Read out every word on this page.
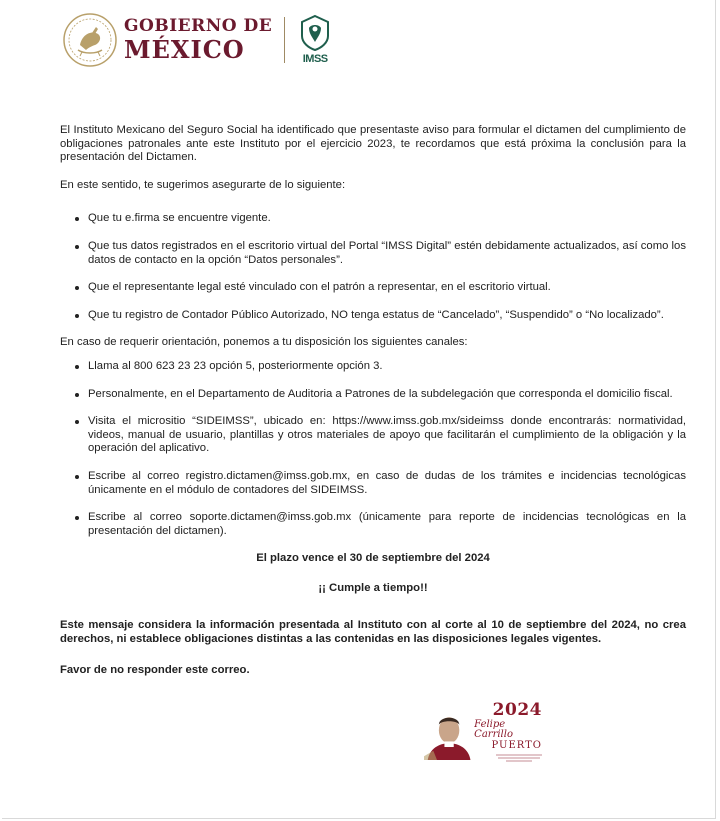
GOBIERNO DE
MÉXICO	IMSS

El Instituto Mexicano del Seguro Social ha identificado que presentaste aviso para formular el dictamen del cumplimiento de obligaciones patronales ante este Instituto por el ejercicio 2023, te recordamos que está próxima la conclusión para la presentación del Dictamen.

En este sentido, te sugerimos asegurarte de lo siguiente:

Que tu e.firma se encuentre vigente.
Que tus datos registrados en el escritorio virtual del Portal “IMSS Digital” estén debidamente actualizados, así como los datos de contacto en la opción “Datos personales”.
Que el representante legal esté vinculado con el patrón a representar, en el escritorio virtual.
Que tu registro de Contador Público Autorizado, NO tenga estatus de “Cancelado”, “Suspendido” o “No localizado”.

En caso de requerir orientación, ponemos a tu disposición los siguientes canales:

Llama al 800 623 23 23 opción 5, posteriormente opción 3.
Personalmente, en el Departamento de Auditoria a Patrones de la subdelegación que corresponda el domicilio fiscal.
Visita el micrositio “SIDEIMSS”, ubicado en: https://www.imss.gob.mx/sideimss donde encontrarás: normatividad, videos, manual de usuario, plantillas y otros materiales de apoyo que facilitarán el cumplimiento de la obligación y la operación del aplicativo.
Escribe al correo registro.dictamen@imss.gob.mx, en caso de dudas de los trámites e incidencias tecnológicas únicamente en el módulo de contadores del SIDEIMSS.
Escribe al correo soporte.dictamen@imss.gob.mx (únicamente para reporte de incidencias tecnológicas en la presentación del dictamen).

El plazo vence el 30 de septiembre del 2024

¡¡ Cumple a tiempo!!

Este mensaje considera la información presentada al Instituto con al corte al 10 de septiembre del 2024, no crea derechos, ni establece obligaciones distintas a las contenidas en las disposiciones legales vigentes.

Favor de no responder este correo.

2024
Felipe Carrillo
PUERTO
